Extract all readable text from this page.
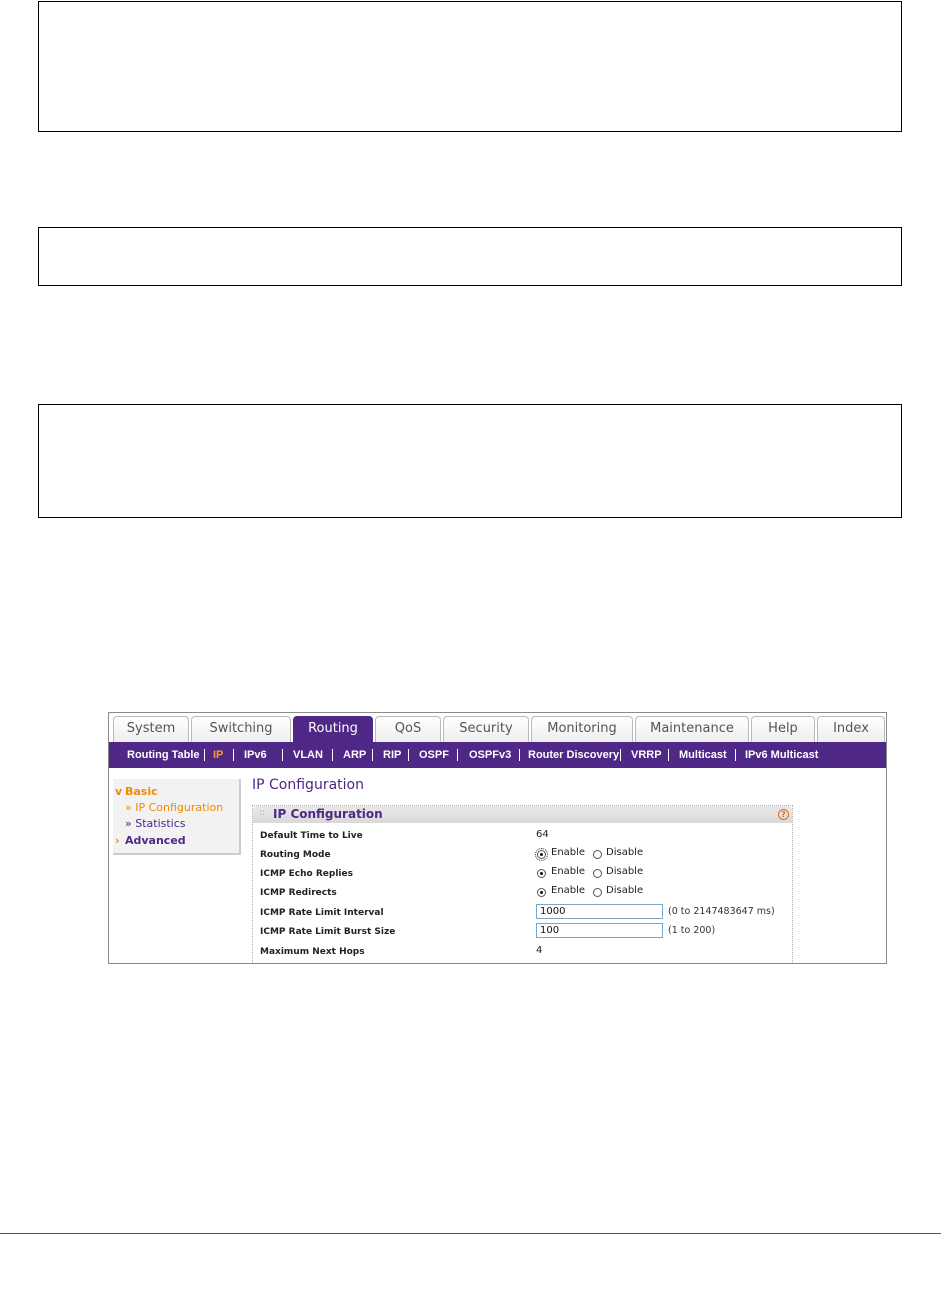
System	Switching	Routing	QoS	Security	Monitoring	Maintenance	Help	Index
Routing Table IP IPv6 VLAN ARP RIP OSPF OSPFv3 Router Discovery VRRP Multicast IPv6 Multicast
v Basic
» IP Configuration
» Statistics
› Advanced
IP Configuration
:: IP Configuration	?
Default Time to Live	64
Routing Mode	Enable Disable
ICMP Echo Replies	Enable Disable
ICMP Redirects	Enable Disable
ICMP Rate Limit Interval	1000	(0 to 2147483647 ms)
ICMP Rate Limit Burst Size	100	(1 to 200)
Maximum Next Hops	4
